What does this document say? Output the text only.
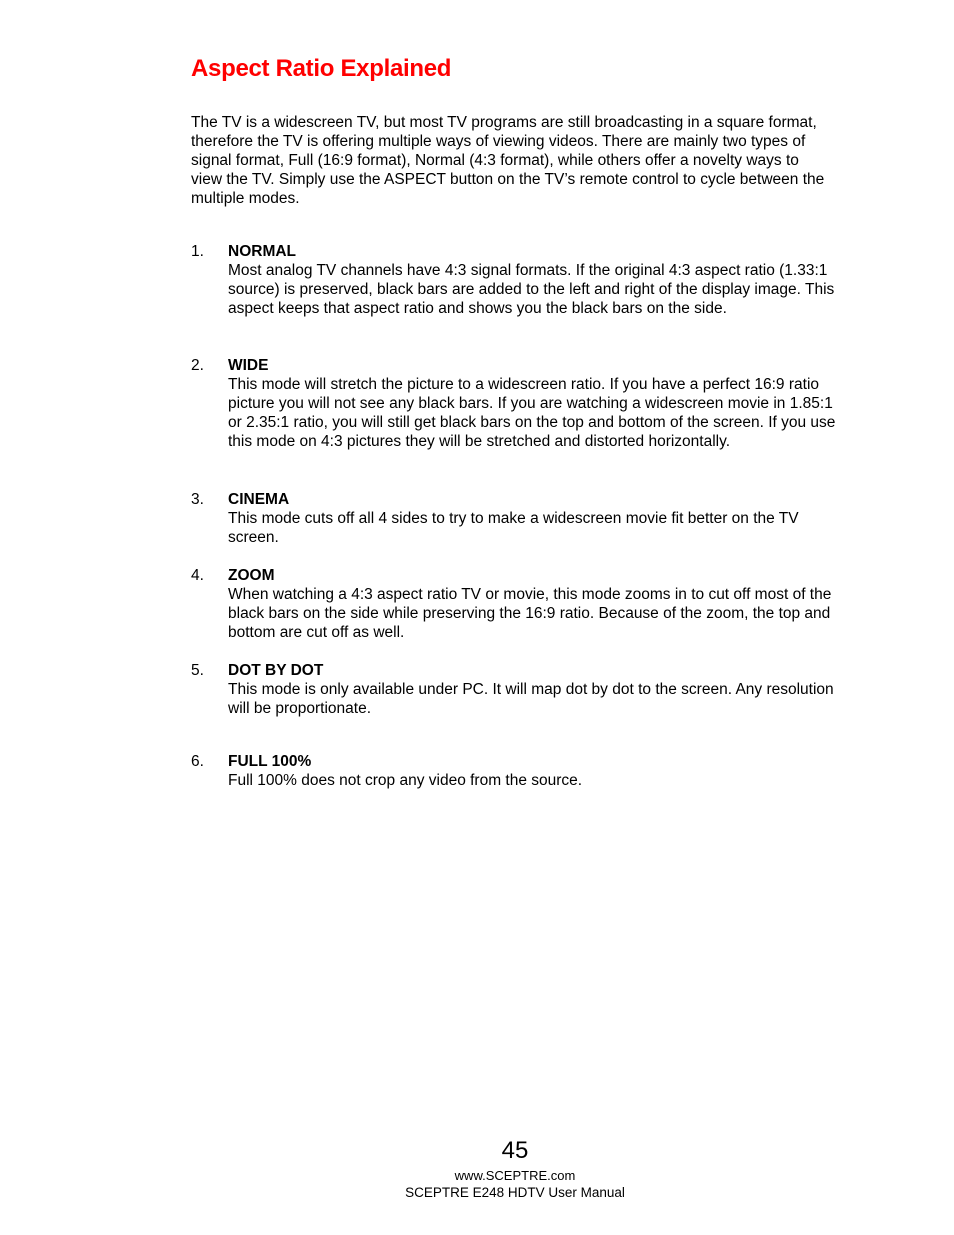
Aspect Ratio Explained

The TV is a widescreen TV, but most TV programs are still broadcasting in a square format, therefore the TV is offering multiple ways of viewing videos. There are mainly two types of signal format, Full (16:9 format), Normal (4:3 format), while others offer a novelty ways to view the TV. Simply use the ASPECT button on the TV’s remote control to cycle between the multiple modes.

1. NORMAL
Most analog TV channels have 4:3 signal formats. If the original 4:3 aspect ratio (1.33:1 source) is preserved, black bars are added to the left and right of the display image. This aspect keeps that aspect ratio and shows you the black bars on the side.
2. WIDE
This mode will stretch the picture to a widescreen ratio. If you have a perfect 16:9 ratio picture you will not see any black bars. If you are watching a widescreen movie in 1.85:1 or 2.35:1 ratio, you will still get black bars on the top and bottom of the screen. If you use this mode on 4:3 pictures they will be stretched and distorted horizontally.
3. CINEMA
This mode cuts off all 4 sides to try to make a widescreen movie fit better on the TV screen.
4. ZOOM
When watching a 4:3 aspect ratio TV or movie, this mode zooms in to cut off most of the black bars on the side while preserving the 16:9 ratio. Because of the zoom, the top and bottom are cut off as well.
5. DOT BY DOT
This mode is only available under PC. It will map dot by dot to the screen. Any resolution will be proportionate.
6. FULL 100%
Full 100% does not crop any video from the source.
45
www.SCEPTRE.com
SCEPTRE E248 HDTV User Manual
